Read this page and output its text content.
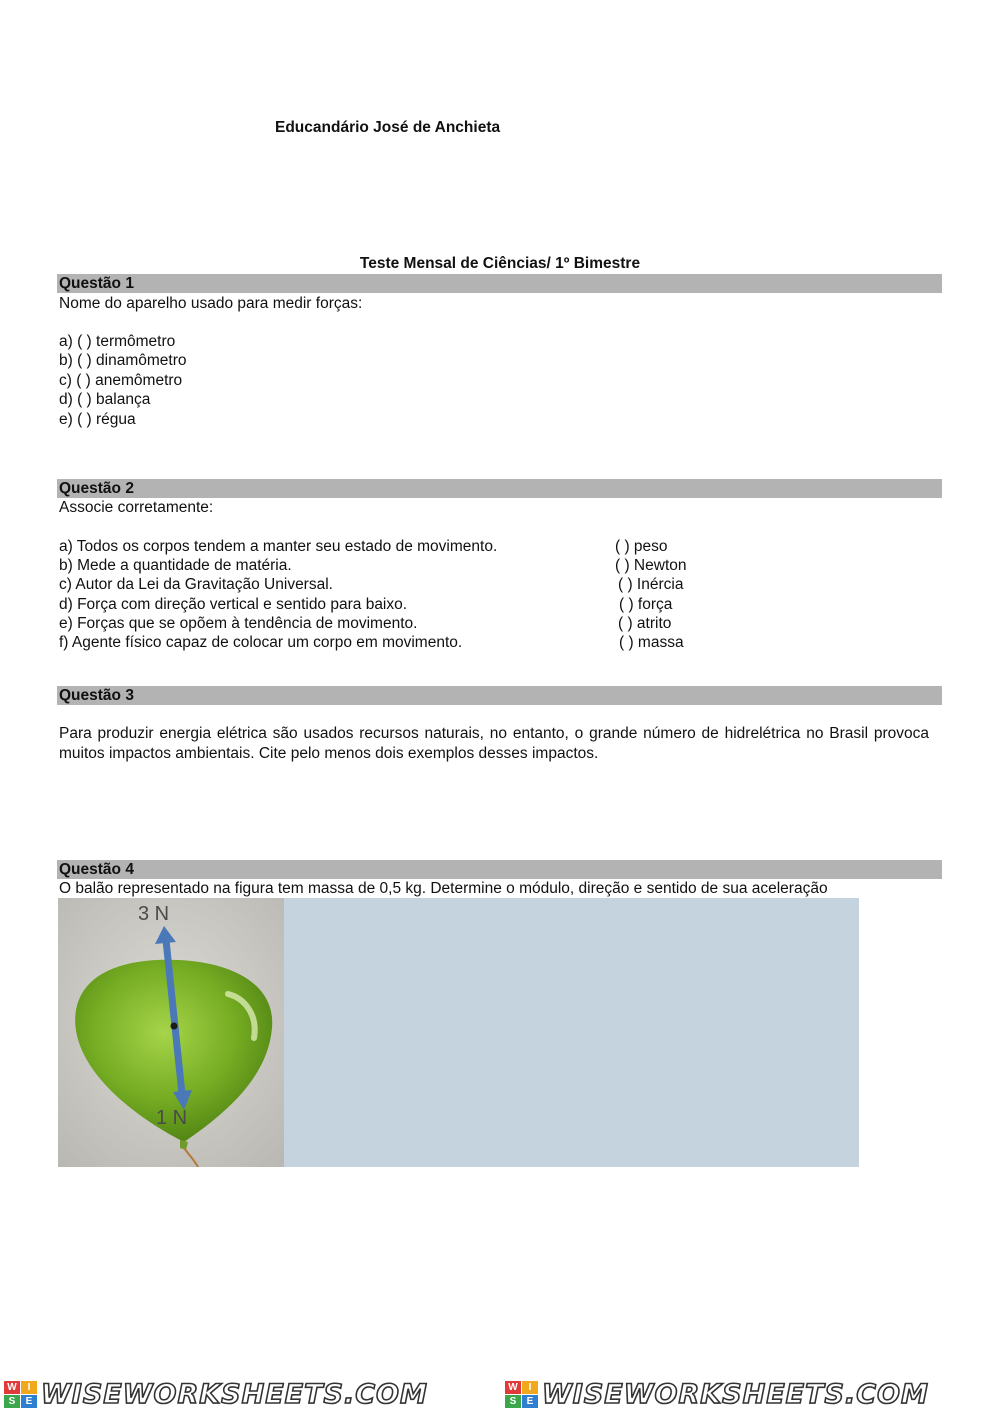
Educandário José de Anchieta
Teste Mensal de Ciências/ 1º Bimestre
Questão 1
Nome do aparelho usado para medir forças:
a) ( ) termômetro
b) ( ) dinamômetro
c) ( ) anemômetro
d) ( ) balança
e) ( ) régua
Questão 2
Associe corretamente:
a) Todos os corpos tendem a manter seu estado de movimento.	( ) peso
b) Mede a quantidade de matéria.	( ) Newton
c) Autor da Lei da Gravitação Universal.	( ) Inércia
d) Força com direção vertical e sentido para baixo.	( ) força
e) Forças que se opõem à tendência de movimento.	( ) atrito
f) Agente físico capaz de colocar um corpo em movimento.	( ) massa
Questão 3
Para produzir energia elétrica são usados recursos naturais, no entanto, o grande número de hidrelétrica no Brasil provoca muitos impactos ambientais. Cite pelo menos dois exemplos desses impactos.
Questão 4
O balão representado na figura tem massa de 0,5 kg. Determine o módulo, direção e sentido de sua aceleração
3 N
1 N
W	I
S	E WISEWORKSHEETS.COM	W	I
S	E WISEWORKSHEETS.COM
